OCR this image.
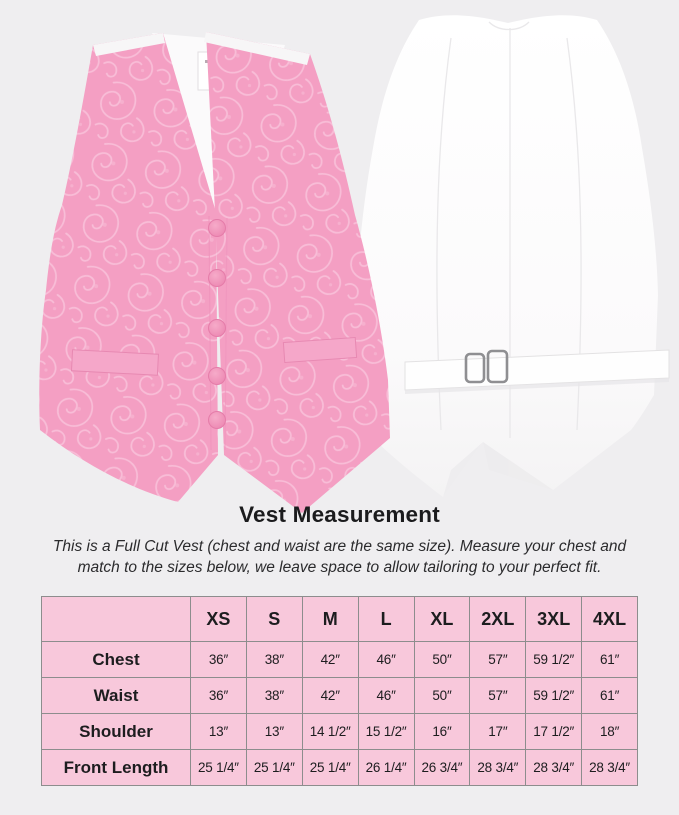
Vest Measurement

This is a Full Cut Vest (chest and waist are the same size). Measure your chest and match to the sizes below, we leave space to allow tailoring to your perfect fit.

	XS	S	M	L	XL	2XL	3XL	4XL
Chest	36″	38″	42″	46″	50″	57″	59 1/2″	61″
Waist	36″	38″	42″	46″	50″	57″	59 1/2″	61″
Shoulder	13″	13″	14 1/2″	15 1/2″	16″	17″	17 1/2″	18″
Front Length	25 1/4″	25 1/4″	25 1/4″	26 1/4″	26 3/4″	28 3/4″	28 3/4″	28 3/4″
